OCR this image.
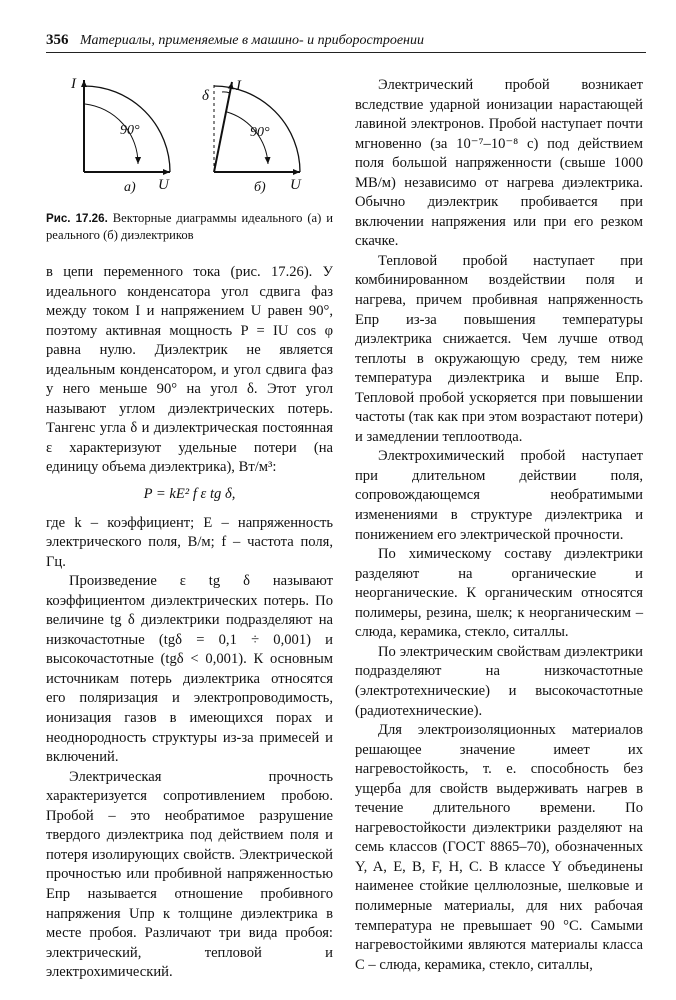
356 Материалы, применяемые в машино- и приборостроении
I
U
90°
а)
δ
I
U
90°
б)
Рис. 17.26. Векторные диаграммы идеального (а) и реального (б) диэлектриков

в цепи переменного тока (рис. 17.26). У идеального конденсатора угол сдвига фаз между током I и напряжением U равен 90°, поэтому активная мощность P = IU cos φ равна нулю. Диэлектрик не является идеальным конденсатором, и угол сдвига фаз у него меньше 90° на угол δ. Этот угол называют углом диэлектрических потерь. Тангенс угла δ и диэлектрическая постоянная ε характеризуют удельные потери (на единицу объема диэлектрика), Вт/м³:

P = kE² f ε tg δ,

где k – коэффициент; E – напряженность электрического поля, В/м; f – частота поля, Гц.

Произведение ε tg δ называют коэффициентом диэлектрических потерь. По величине tg δ диэлектрики подразделяют на низкочастотные (tgδ = 0,1 ÷ 0,001) и высокочастотные (tgδ < 0,001). К основным источникам потерь диэлектрика относятся его поляризация и электропроводимость, ионизация газов в имеющихся порах и неоднородность структуры из-за примесей и включений.

Электрическая прочность характеризуется сопротивлением пробою. Пробой – это необратимое разрушение твердого диэлектрика под действием поля и потеря изолирующих свойств. Электрической прочностью или пробивной напряженностью Eпр называется отношение пробивного напряжения Uпр к толщине диэлектрика в месте пробоя. Различают три вида пробоя: электрический, тепловой и электрохимический.

Электрический пробой возникает вследствие ударной ионизации нарастающей лавиной электронов. Пробой наступает почти мгновенно (за 10⁻⁷–10⁻⁸ с) под действием поля большой напряженности (свыше 1000 МВ/м) независимо от нагрева диэлектрика. Обычно диэлектрик пробивается при включении напряжения или при его резком скачке.

Тепловой пробой наступает при комбинированном воздействии поля и нагрева, причем пробивная напряженность Eпр из-за повышения температуры диэлектрика снижается. Чем лучше отвод теплоты в окружающую среду, тем ниже температура диэлектрика и выше Eпр. Тепловой пробой ускоряется при повышении частоты (так как при этом возрастают потери) и замедлении теплоотвода.

Электрохимический пробой наступает при длительном действии поля, сопровождающемся необратимыми изменениями в структуре диэлектрика и понижением его электрической прочности.

По химическому составу диэлектрики разделяют на органические и неорганические. К органическим относятся полимеры, резина, шелк; к неорганическим – слюда, керамика, стекло, ситаллы.

По электрическим свойствам диэлектрики подразделяют на низкочастотные (электротехнические) и высокочастотные (радиотехнические).

Для электроизоляционных материалов решающее значение имеет их нагревостойкость, т. е. способность без ущерба для свойств выдерживать нагрев в течение длительного времени. По нагревостойкости диэлектрики разделяют на семь классов (ГОСТ 8865–70), обозначенных Y, A, E, B, F, H, C. В классе Y объединены наименее стойкие целлюлозные, шелковые и полимерные материалы, для них рабочая температура не превышает 90 °C. Самыми нагревостойкими являются материалы класса C – слюда, керамика, стекло, ситаллы,
